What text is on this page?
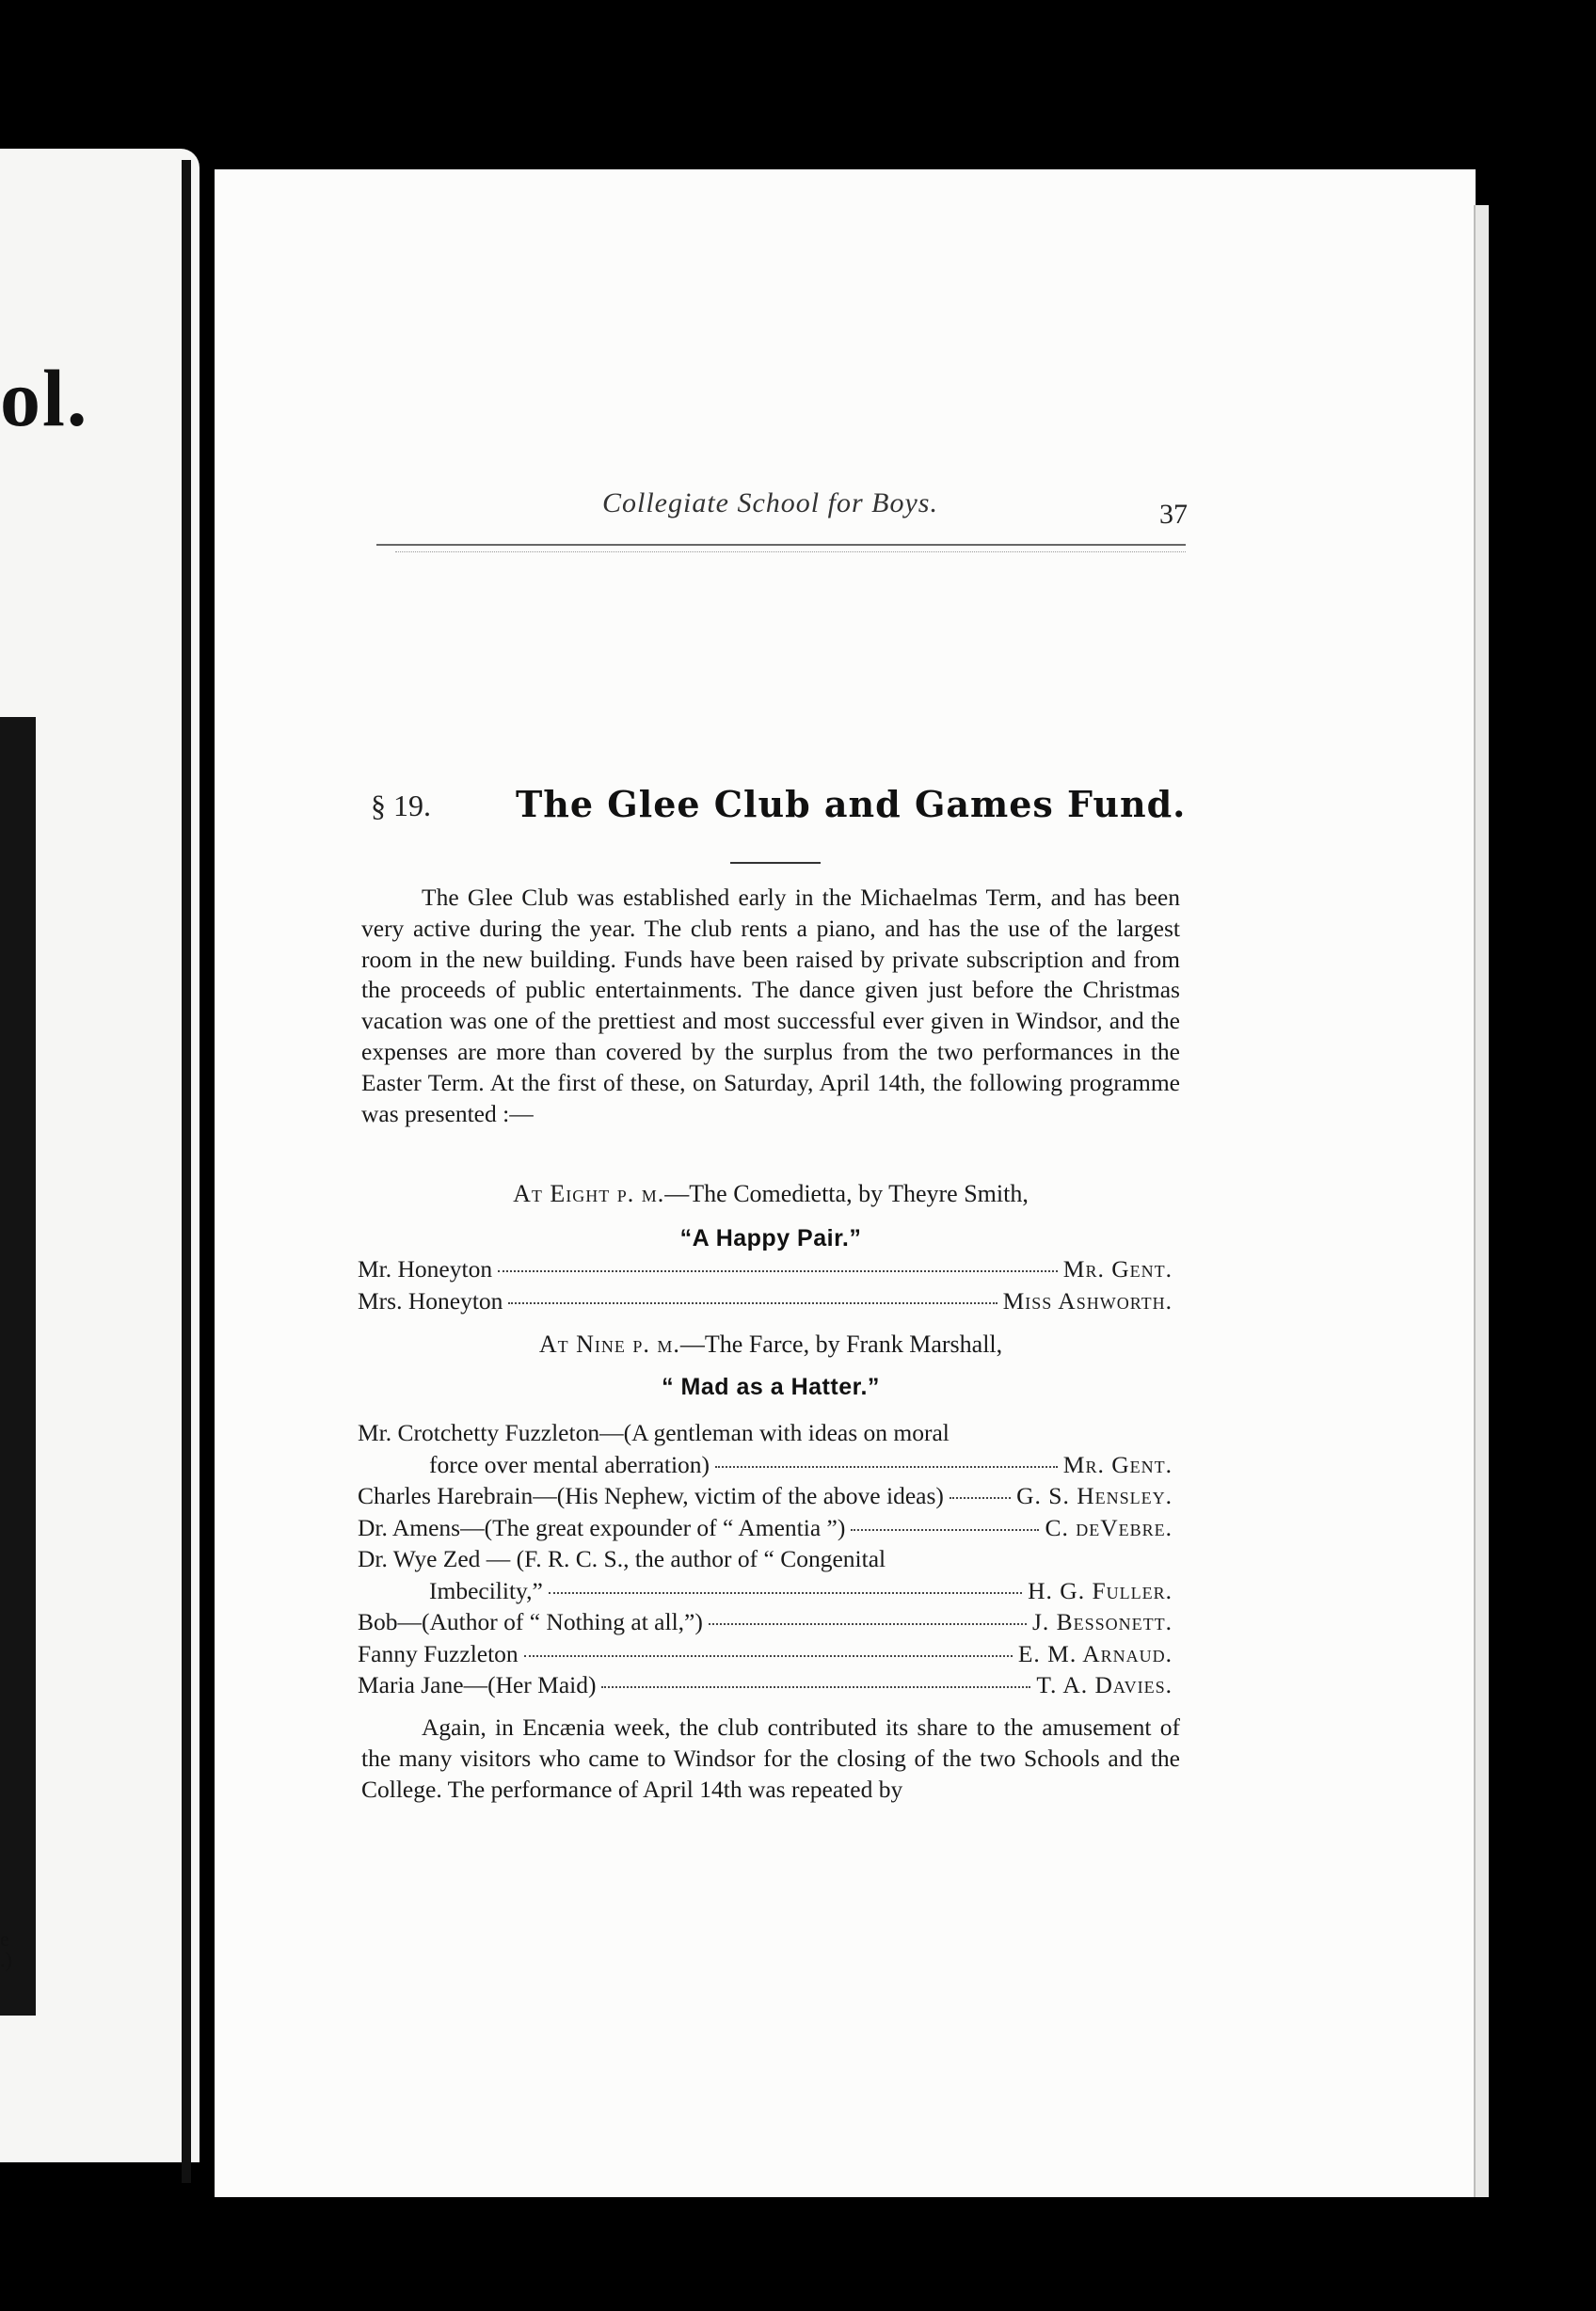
ol.
e
.)
Collegiate School for Boys.	37
§ 19. The Glee Club and Games Fund.

The Glee Club was established early in the Michaelmas Term, and has been very active during the year. The club rents a piano, and has the use of the largest room in the new building. Funds have been raised by private subscription and from the proceeds of public entertainments. The dance given just before the Christmas vacation was one of the prettiest and most successful ever given in Windsor, and the expenses are more than covered by the surplus from the two performances in the Easter Term. At the first of these, on Saturday, April 14th, the following programme was presented :—

At Eight p. m.—The Comedietta, by Theyre Smith,
“A Happy Pair.”
Mr. Honeyton	Mr. Gent.
Mrs. Honeyton	Miss Ashworth.
At Nine p. m.—The Farce, by Frank Marshall,
“ Mad as a Hatter.”
Mr. Crotchetty Fuzzleton—(A gentleman with ideas on moral
force over mental aberration)	Mr. Gent.
Charles Harebrain—(His Nephew, victim of the above ideas)	G. S. Hensley.
Dr. Amens—(The great expounder of “ Amentia ”)	C. deVebre.
Dr. Wye Zed — (F. R. C. S., the author of “ Congenital
Imbecility,”	H. G. Fuller.
Bob—(Author of “ Nothing at all,”)	J. Bessonett.
Fanny Fuzzleton	E. M. Arnaud.
Maria Jane—(Her Maid)	T. A. Davies.

Again, in Encænia week, the club contributed its share to the amusement of the many visitors who came to Windsor for the closing of the two Schools and the College. The performance of April 14th was repeated by
